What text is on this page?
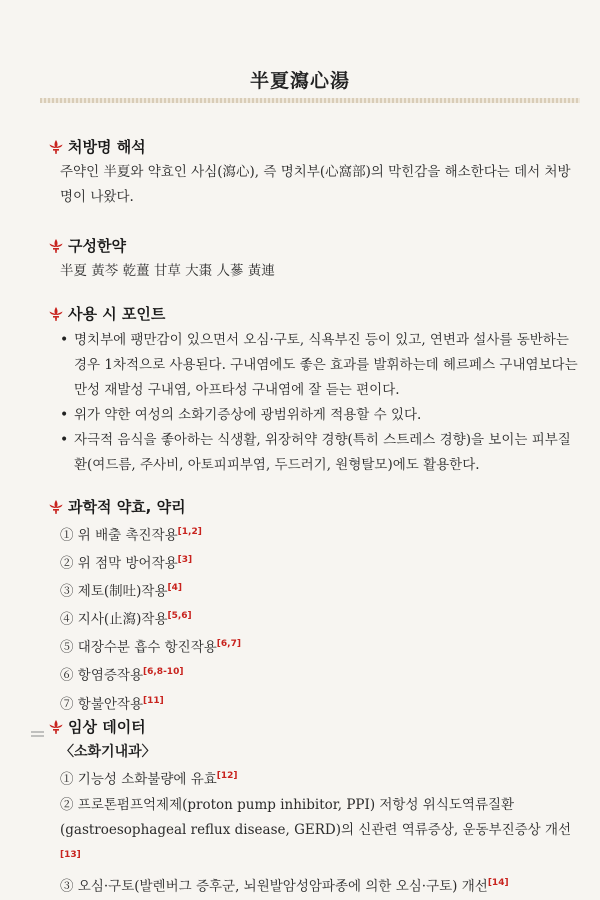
半夏瀉心湯
처방명 해석
주약인 半夏와 약효인 사심(瀉心), 즉 명치부(心窩部)의 막힌감을 해소한다는 데서 처방명이 나왔다.
구성한약
半夏 黃芩 乾薑 甘草 大棗 人蔘 黃連
사용 시 포인트
• 명치부에 팽만감이 있으면서 오심·구토, 식욕부진 등이 있고, 연변과 설사를 동반하는 경우 1차적으로 사용된다. 구내염에도 좋은 효과를 발휘하는데 헤르페스 구내염보다는 만성 재발성 구내염, 아프타성 구내염에 잘 듣는 편이다.
• 위가 약한 여성의 소화기증상에 광범위하게 적용할 수 있다.
• 자극적 음식을 좋아하는 식생활, 위장허약 경향(특히 스트레스 경향)을 보이는 피부질환(여드름, 주사비, 아토피피부염, 두드러기, 원형탈모)에도 활용한다.
과학적 약효, 약리
① 위 배출 촉진작용[1,2]
② 위 점막 방어작용[3]
③ 제토(制吐)작용[4]
④ 지사(止瀉)작용[5,6]
⑤ 대장수분 흡수 항진작용[6,7]
⑥ 항염증작용[6,8-10]
⑦ 항불안작용[11]
임상 데이터
〈소화기내과〉
① 기능성 소화불량에 유효[12]
② 프로톤펌프억제제(proton pump inhibitor, PPI) 저항성 위식도역류질환(gastroesophageal reflux disease, GERD)의 신관련 역류증상, 운동부진증상 개선[13]
③ 오심·구토(발렌버그 증후군, 뇌원발암성암파종에 의한 오심·구토) 개선[14]
